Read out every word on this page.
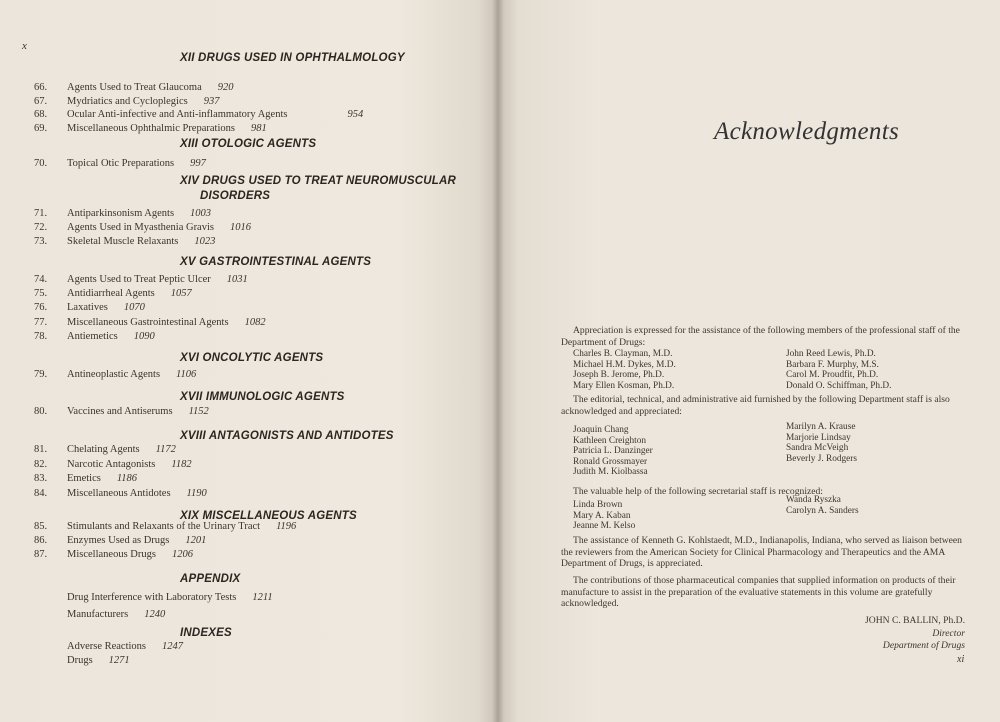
x
XII DRUGS USED IN OPHTHALMOLOGY
66. Agents Used to Treat Glaucoma 920
67. Mydriatics and Cycloplegics 937
68. Ocular Anti-infective and Anti-inflammatory Agents	954
69. Miscellaneous Ophthalmic Preparations 981
XIII OTOLOGIC AGENTS
70. Topical Otic Preparations 997
XIV DRUGS USED TO TREAT NEUROMUSCULAR
DISORDERS
71. Antiparkinsonism Agents 1003
72. Agents Used in Myasthenia Gravis 1016
73. Skeletal Muscle Relaxants 1023
XV GASTROINTESTINAL AGENTS
74. Agents Used to Treat Peptic Ulcer 1031
75. Antidiarrheal Agents 1057
76. Laxatives 1070
77. Miscellaneous Gastrointestinal Agents 1082
78. Antiemetics 1090
XVI ONCOLYTIC AGENTS
79. Antineoplastic Agents 1106
XVII IMMUNOLOGIC AGENTS
80. Vaccines and Antiserums 1152
XVIII ANTAGONISTS AND ANTIDOTES
81. Chelating Agents 1172
82. Narcotic Antagonists 1182
83. Emetics 1186
84. Miscellaneous Antidotes 1190
XIX MISCELLANEOUS AGENTS
85. Stimulants and Relaxants of the Urinary Tract 1196
86. Enzymes Used as Drugs 1201
87. Miscellaneous Drugs 1206
APPENDIX
Drug Interference with Laboratory Tests 1211
Manufacturers 1240
INDEXES
Adverse Reactions 1247
Drugs 1271
Acknowledgments
Appreciation is expressed for the assistance of the following members of the professional staff of the Department of Drugs:
Charles B. Clayman, M.D.
Michael H.M. Dykes, M.D.
Joseph B. Jerome, Ph.D.
Mary Ellen Kosman, Ph.D.
John Reed Lewis, Ph.D.
Barbara F. Murphy, M.S.
Carol M. Proudfit, Ph.D.
Donald O. Schiffman, Ph.D.
The editorial, technical, and administrative aid furnished by the following Department staff is also acknowledged and appreciated:
Joaquin Chang
Kathleen Creighton
Patricia L. Danzinger
Ronald Grossmayer
Judith M. Kiolbassa
Marilyn A. Krause
Marjorie Lindsay
Sandra McVeigh
Beverly J. Rodgers
The valuable help of the following secretarial staff is recognized:
Linda Brown
Mary A. Kaban
Jeanne M. Kelso
Wanda Ryszka
Carolyn A. Sanders
The assistance of Kenneth G. Kohlstaedt, M.D., Indianapolis, Indiana, who served as liaison between the reviewers from the American Society for Clinical Pharmacology and Therapeutics and the AMA Department of Drugs, is appreciated.
The contributions of those pharmaceutical companies that supplied information on products of their manufacture to assist in the preparation of the evaluative statements in this volume are gratefully acknowledged.
JOHN C. BALLIN, Ph.D.
Director
Department of Drugs
xi
